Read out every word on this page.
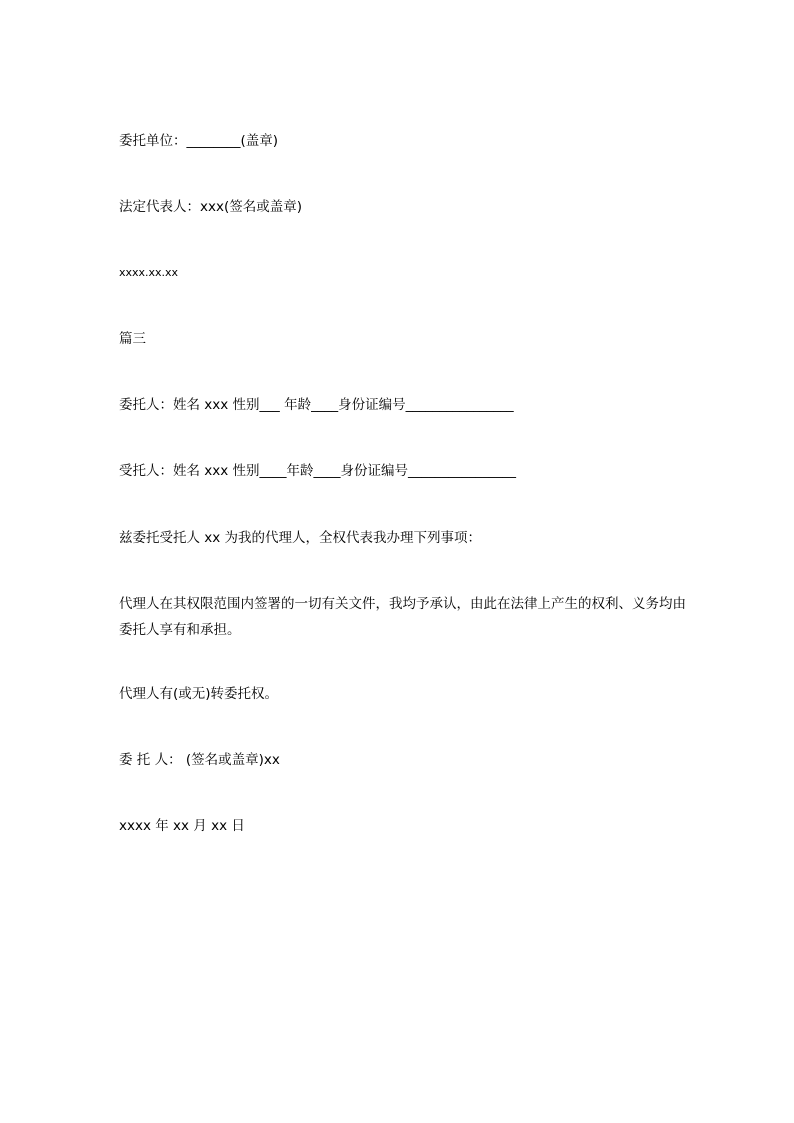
委托单位：________(盖章)
法定代表人：xxx(签名或盖章)
xxxx.xx.xx
篇三
委托人：姓名 xxx 性别___ 年龄____身份证编号________________
受托人：姓名 xxx 性别____年龄____身份证编号________________
兹委托受托人 xx 为我的代理人，全权代表我办理下列事项：
代理人在其权限范围内签署的一切有关文件，我均予承认，由此在法律上产生的权利、义务均由委托人享有和承担。
代理人有(或无)转委托权。
委 托 人： (签名或盖章)xx
xxxx 年 xx 月 xx 日
